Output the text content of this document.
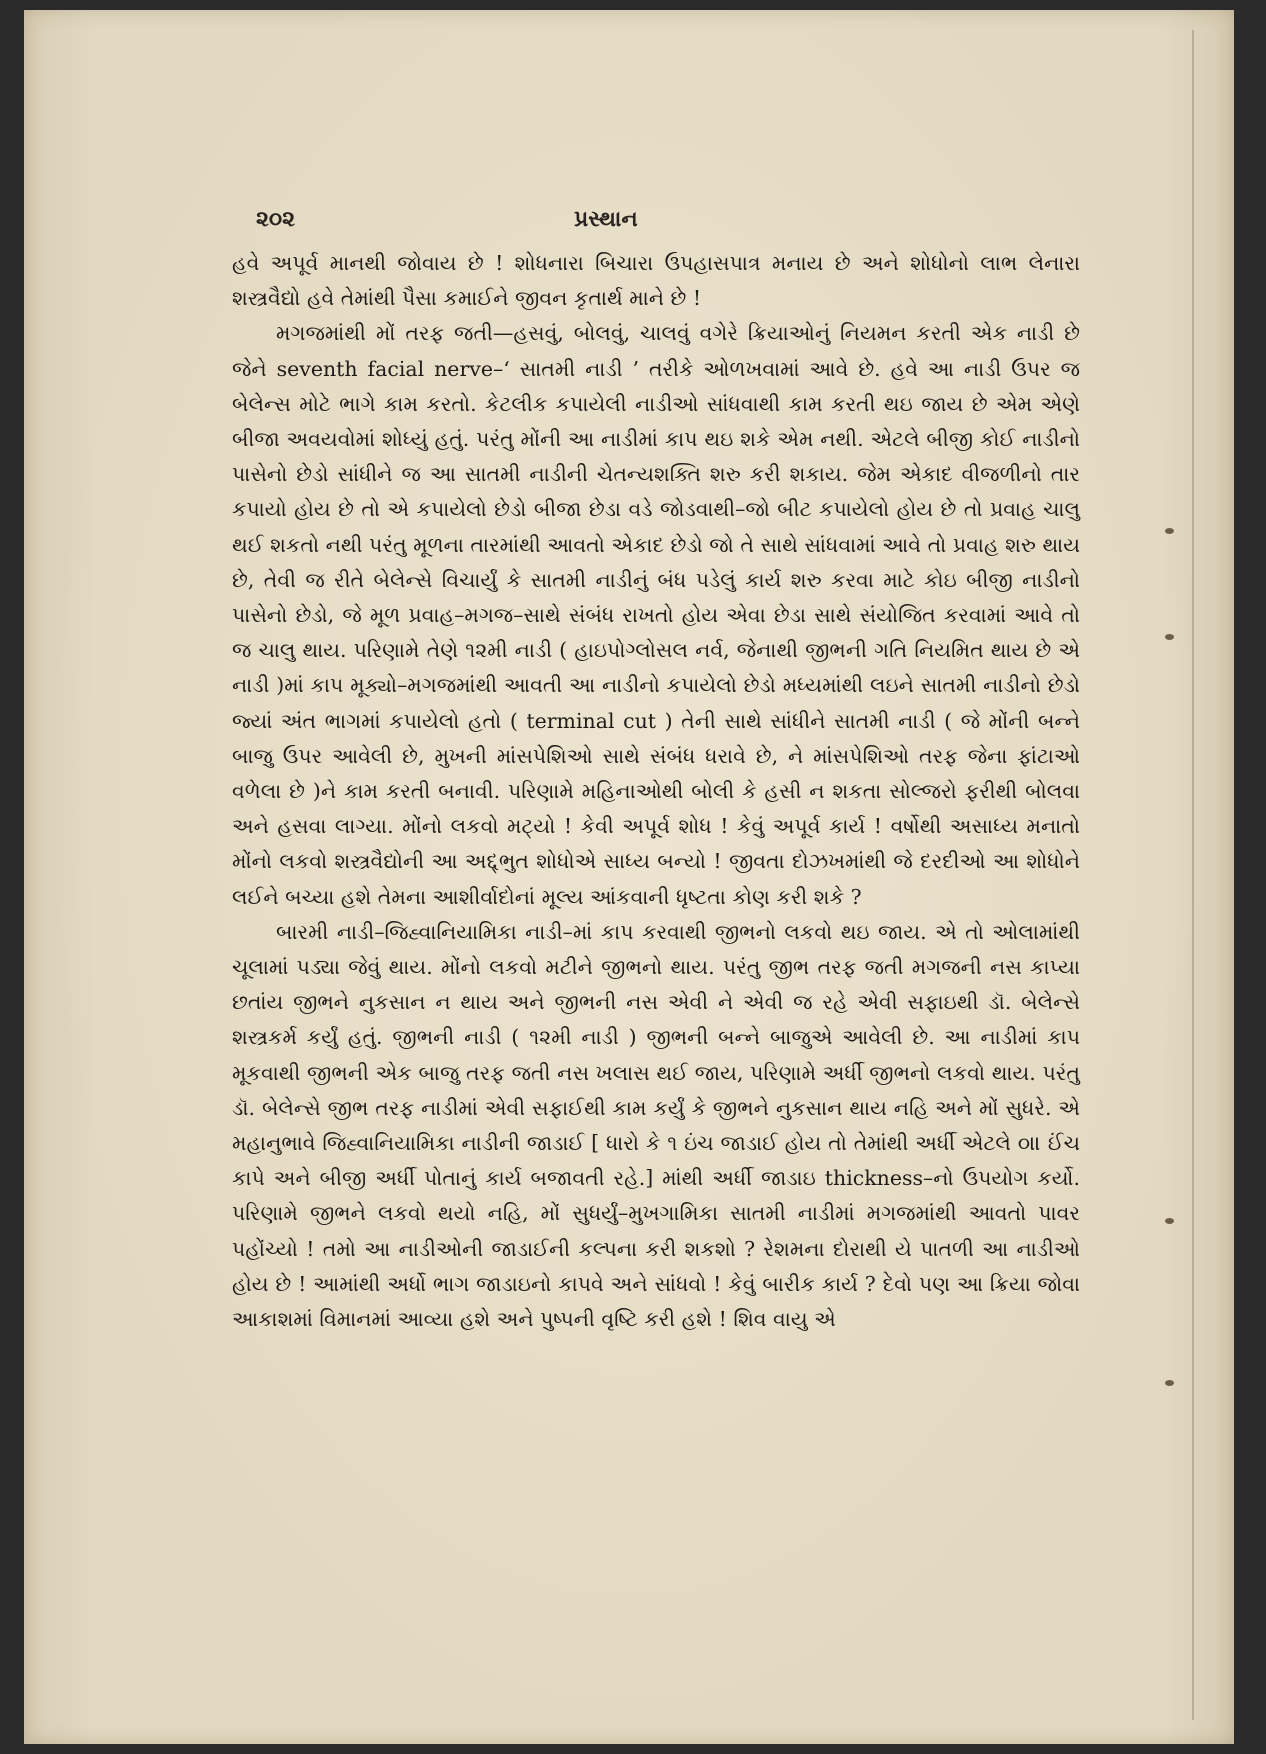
૨૦૨	પ્રસ્થાન

હવે અપૂર્વ માનથી જોવાય છે ! શોધનારા બિચારા ઉપહાસપાત્ર મનાય છે અને શોધોનો લાભ લેનારા શસ્ત્રવૈદ્યો હવે તેમાંથી પૈસા કમાઈને જીવન કૃતાર્થ માને છે !

મગજમાંથી મોં તરફ જતી—હસવું, બોલવું, ચાલવું વગેરે ક્રિયાઓનું નિયમન કરતી એક નાડી છે જેને seventh facial nerve–‘ સાતમી નાડી ’ તરીકે ઓળખવામાં આવે છે. હવે આ નાડી ઉપર જ બેલેન્સ મોટે ભાગે કામ કરતો. કેટલીક કપાયેલી નાડીઓ સાંધવાથી કામ કરતી થઇ જાય છે એમ એણે બીજા અવયવોમાં શોધ્યું હતું. પરંતુ મોંની આ નાડીમાં કાપ થઇ શકે એમ નથી. એટલે બીજી કોઈ નાડીનો પાસેનો છેડો સાંધીને જ આ સાતમી નાડીની ચેતન્યશક્તિ શરુ કરી શકાય. જેમ એકાદ વીજળીનો તાર કપાયો હોય છે તો એ કપાયેલો છેડો બીજા છેડા વડે જોડવાથી–જો બીટ કપાયેલો હોય છે તો પ્રવાહ ચાલુ થઈ શકતો નથી પરંતુ મૂળના તારમાંથી આવતો એકાદ છેડો જો તે સાથે સાંધવામાં આવે તો પ્રવાહ શરુ થાય છે, તેવી જ રીતે બેલેન્સે વિચાર્યું કે સાતમી નાડીનું બંધ પડેલું કાર્ય શરુ કરવા માટે કોઇ બીજી નાડીનો પાસેનો છેડો, જે મૂળ પ્રવાહ–મગજ–સાથે સંબંધ રાખતો હોય એવા છેડા સાથે સંયોજિત કરવામાં આવે તો જ ચાલુ થાય. પરિણામે તેણે ૧૨મી નાડી ( હાઇપોગ્લોસલ નર્વ, જેનાથી જીભની ગતિ નિયમિત થાય છે એ નાડી )માં કાપ મૂક્યો–મગજમાંથી આવતી આ નાડીનો કપાયેલો છેડો મધ્યમાંથી લઇને સાતમી નાડીનો છેડો જ્યાં અંત ભાગમાં કપાયેલો હતો ( terminal cut ) તેની સાથે સાંધીને સાતમી નાડી ( જે મોંની બન્ને બાજુ ઉપર આવેલી છે, મુખની માંસપેશિઓ સાથે સંબંધ ધરાવે છે, ને માંસપેશિઓ તરફ જેના ફાંટાઓ વળેલા છે )ને કામ કરતી બનાવી. પરિણામે મહિનાઓથી બોલી કે હસી ન શકતા સોલ્જરો ફરીથી બોલવા અને હસવા લાગ્યા. મોંનો લકવો મટ્યો ! કેવી અપૂર્વ શોધ ! કેવું અપૂર્વ કાર્ય ! વર્ષોથી અસાધ્ય મનાતો મોંનો લકવો શસ્ત્રવૈદ્યોની આ અદ્દ્ભુત શોધોએ સાધ્ય બન્યો ! જીવતા દોઝખમાંથી જે દરદીઓ આ શોધોને લઈને બચ્યા હશે તેમના આશીર્વાદોનાં મૂલ્ય આંકવાની ધૃષ્ટતા કોણ કરી શકે ?

બારમી નાડી–જિહ્વાનિયામિકા નાડી–માં કાપ કરવાથી જીભનો લકવો થઇ જાય. એ તો ઓલામાંથી ચૂલામાં પડ્યા જેવું થાય. મોંનો લકવો મટીને જીભનો થાય. પરંતુ જીભ તરફ જતી મગજની નસ કાપ્યા છતાંય જીભને નુકસાન ન થાય અને જીભની નસ એવી ને એવી જ રહે એવી સફાઇથી ડૉ. બેલેન્સે શસ્ત્રકર્મ કર્યું હતું. જીભની નાડી ( ૧૨મી નાડી ) જીભની બન્ને બાજુએ આવેલી છે. આ નાડીમાં કાપ મૂકવાથી જીભની એક બાજુ તરફ જતી નસ ખલાસ થઈ જાય, પરિણામે અર્ધી જીભનો લકવો થાય. પરંતુ ડૉ. બેલેન્સે જીભ તરફ નાડીમાં એવી સફાઈથી કામ કર્યું કે જીભને નુકસાન થાય નહિ અને મોં સુધરે. એ મહાનુભાવે જિહ્વાનિયામિકા નાડીની જાડાઈ [ ધારો કે ૧ ઇંચ જાડાઈ હોય તો તેમાંથી અર્ધી એટલે ૦॥ ઈંચ કાપે અને બીજી અર્ધી પોતાનું કાર્ય બજાવતી રહે.] માંથી અર્ધી જાડાઇ thickness–નો ઉપયોગ કર્યો. પરિણામે જીભને લકવો થયો નહિ, મોં સુધર્યું–મુખગામિકા સાતમી નાડીમાં મગજમાંથી આવતો પાવર પહોંચ્યો ! તમો આ નાડીઓની જાડાઈની કલ્પના કરી શકશો ? રેશમના દોરાથી યે પાતળી આ નાડીઓ હોય છે ! આમાંથી અર્ધો ભાગ જાડાઇનો કાપવે અને સાંધવો ! કેવું બારીક કાર્ય ? દેવો પણ આ ક્રિયા જોવા આકાશમાં વિમાનમાં આવ્યા હશે અને પુષ્પની વૃષ્ટિ કરી હશે ! શિવ વાયુ એ
